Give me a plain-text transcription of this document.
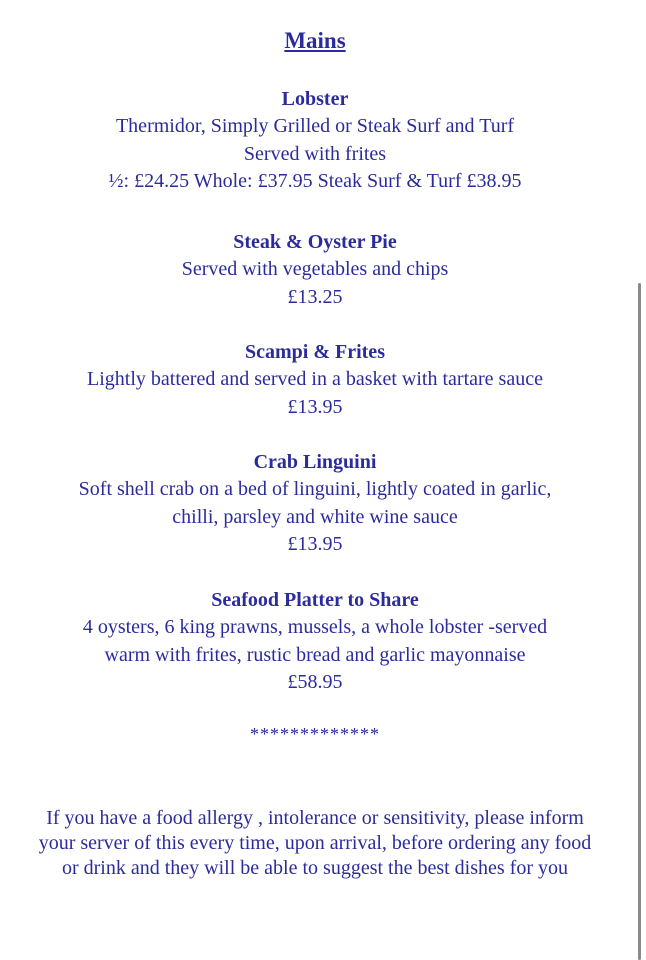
Mains
Lobster
Thermidor, Simply Grilled or Steak Surf and Turf
Served with frites
½: £24.25 Whole: £37.95 Steak Surf & Turf £38.95
Steak & Oyster Pie
Served with vegetables and chips
£13.25
Scampi & Frites
Lightly battered and served in a basket with tartare sauce
£13.95
Crab Linguini
Soft shell crab on a bed of linguini, lightly coated in garlic,
chilli, parsley and white wine sauce
£13.95
Seafood Platter to Share
4 oysters, 6 king prawns, mussels, a whole lobster -served
warm with frites, rustic bread and garlic mayonnaise
£58.95
*************
If you have a food allergy , intolerance or sensitivity, please inform your server of this every time, upon arrival, before ordering any food or drink and they will be able to suggest the best dishes for you
